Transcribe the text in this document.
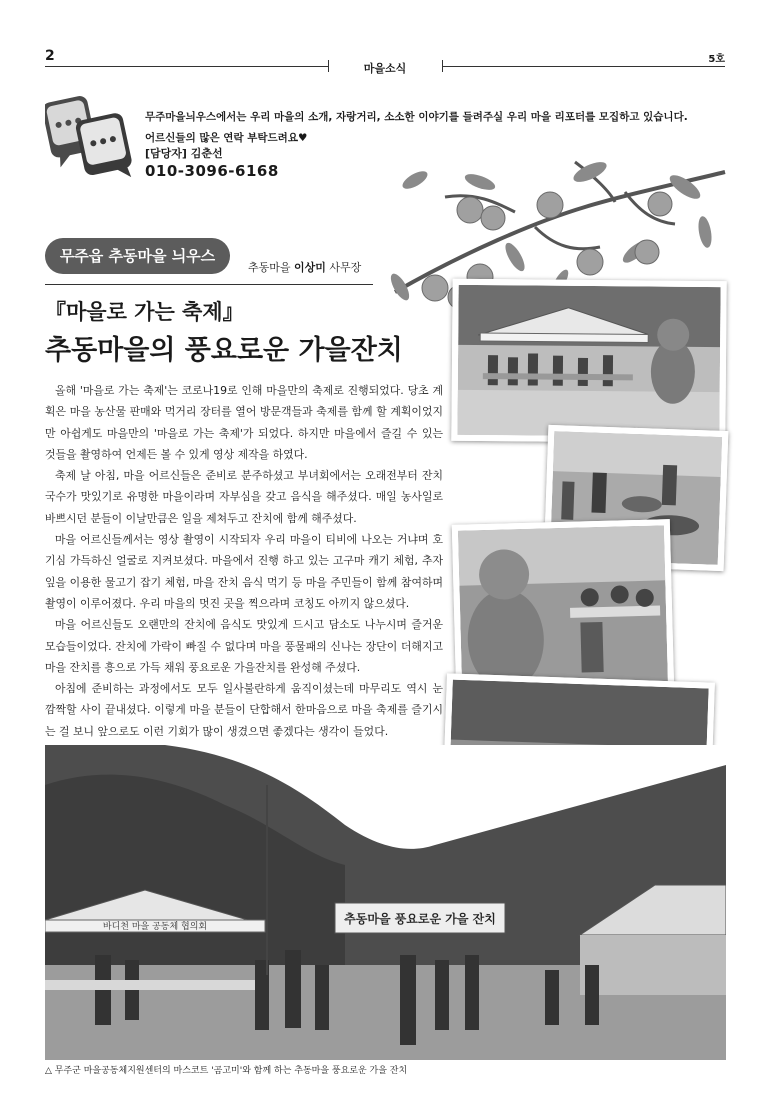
2
마을소식
5호
무주마을늬우스에서는 우리 마을의 소개, 자랑거리, 소소한 이야기를 들려주실 우리 마을 리포터를 모집하고 있습니다.
어르신들의 많은 연락 부탁드려요♥
[담당자] 김춘선
010-3096-6168
무주읍 추동마을 늬우스
추동마을 이상미 사무장
『마을로 가는 축제』
추동마을의 풍요로운 가을잔치

올해 '마을로 가는 축제'는 코로나19로 인해 마을만의 축제로 진행되었다. 당초 계획은 마을 농산물 판매와 먹거리 장터를 열어 방문객들과 축제를 함께 할 계획이었지만 아쉽게도 마을만의 '마을로 가는 축제'가 되었다. 하지만 마을에서 즐길 수 있는 것들을 촬영하여 언제든 볼 수 있게 영상 제작을 하였다.

축제 날 아침, 마을 어르신들은 준비로 분주하셨고 부녀회에서는 오래전부터 잔치국수가 맛있기로 유명한 마을이라며 자부심을 갖고 음식을 해주셨다. 매일 농사일로 바쁘시던 분들이 이날만큼은 일을 제쳐두고 잔치에 함께 해주셨다.

마을 어르신들께서는 영상 촬영이 시작되자 우리 마을이 티비에 나오는 거냐며 호기심 가득하신 얼굴로 지켜보셨다. 마을에서 진행 하고 있는 고구마 캐기 체험, 추자 잎을 이용한 물고기 잡기 체험, 마을 잔치 음식 먹기 등 마을 주민들이 함께 참여하며 촬영이 이루어졌다. 우리 마을의 멋진 곳을 찍으라며 코칭도 아끼지 않으셨다.

마을 어르신들도 오랜만의 잔치에 음식도 맛있게 드시고 담소도 나누시며 즐거운 모습들이었다. 잔치에 가락이 빠질 수 없다며 마을 풍물패의 신나는 장단이 더해지고 마을 잔치를 흥으로 가득 채워 풍요로운 가을잔치를 완성해 주셨다.

아침에 준비하는 과정에서도 모두 일사불란하게 움직이셨는데 마무리도 역시 눈 깜짝할 사이 끝내셨다. 이렇게 마을 분들이 단합해서 한마음으로 마을 축제를 즐기시는 걸 보니 앞으로도 이런 기회가 많이 생겼으면 좋겠다는 생각이 들었다.

바디천 마을 공동체 협의회
추동마을 풍요로운 가을 잔치
△ 무주군 마을공동체지원센터의 마스코트 '곰고미'와 함께 하는 추동마을 풍요로운 가을 잔치
